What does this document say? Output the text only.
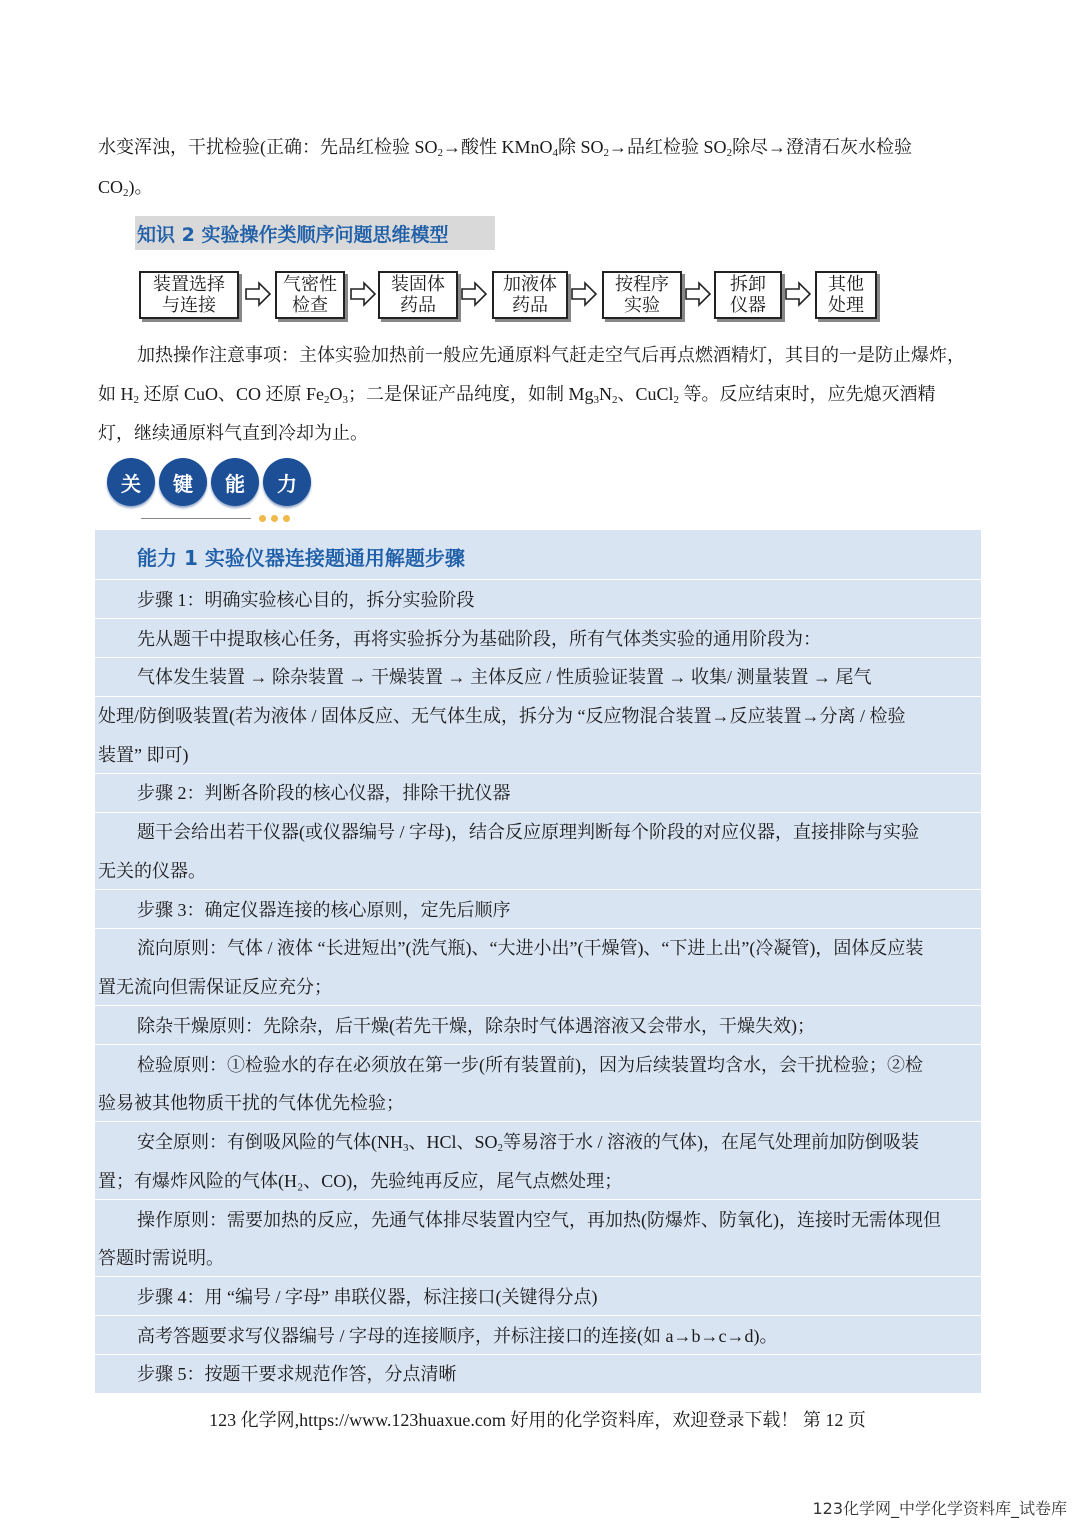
水变浑浊，干扰检验(正确：先品红检验 $SO_2\to$酸性 KMnO$_4$除 $SO_2\to$品红检验 $SO_2$除尽→澄清石灰水检验
$CO_2$)。
知识 2 实验操作类顺序问题思维模型
装置选择
与连接
气密性
检查
装固体
药品
加液体
药品
按程序
实验
拆卸
仪器
其他
处理
加热操作注意事项：主体实验加热前一般应先通原料气赶走空气后再点燃酒精灯，其目的一是防止爆炸，
如 $H_2$ 还原 CuO、CO 还原 $Fe_2O_3$；二是保证产品纯度，如制 $Mg_3N_2$、CuCl$_2$ 等。反应结束时，应先熄灭酒精
灯，继续通原料气直到冷却为止。
关	键	能	力
能力 1 实验仪器连接题通用解题步骤
步骤 1：明确实验核心目的，拆分实验阶段
先从题干中提取核心任务，再将实验拆分为基础阶段，所有气体类实验的通用阶段为：
气体发生装置 → 除杂装置 → 干燥装置 → 主体反应 / 性质验证装置 → 收集/ 测量装置 → 尾气
处理/防倒吸装置(若为液体 / 固体反应、无气体生成，拆分为 “反应物混合装置→反应装置→分离 / 检验
装置” 即可)
步骤 2：判断各阶段的核心仪器，排除干扰仪器
题干会给出若干仪器(或仪器编号 / 字母)，结合反应原理判断每个阶段的对应仪器，直接排除与实验
无关的仪器。
步骤 3：确定仪器连接的核心原则，定先后顺序
流向原则：气体 / 液体 “长进短出”(洗气瓶)、“大进小出”(干燥管)、“下进上出”(冷凝管)，固体反应装
置无流向但需保证反应充分；
除杂干燥原则：先除杂，后干燥(若先干燥，除杂时气体遇溶液又会带水，干燥失效)；
检验原则：①检验水的存在必须放在第一步(所有装置前)，因为后续装置均含水，会干扰检验；②检
验易被其他物质干扰的气体优先检验；
安全原则：有倒吸风险的气体($NH_3$、HCl、$SO_2$等易溶于水 / 溶液的气体)，在尾气处理前加防倒吸装
置；有爆炸风险的气体(H₂、CO)，先验纯再反应，尾气点燃处理；
操作原则：需要加热的反应，先通气体排尽装置内空气，再加热(防爆炸、防氧化)，连接时无需体现但
答题时需说明。
步骤 4：用 “编号 / 字母” 串联仪器，标注接口(关键得分点)
高考答题要求写仪器编号 / 字母的连接顺序，并标注接口的连接(如 a→b→c→d)。
步骤 5：按题干要求规范作答，分点清晰
123 化学网,https://www.123huaxue.com 好用的化学资料库，欢迎登录下载！ 第 12 页
123化学网_中学化学资料库_试卷库
